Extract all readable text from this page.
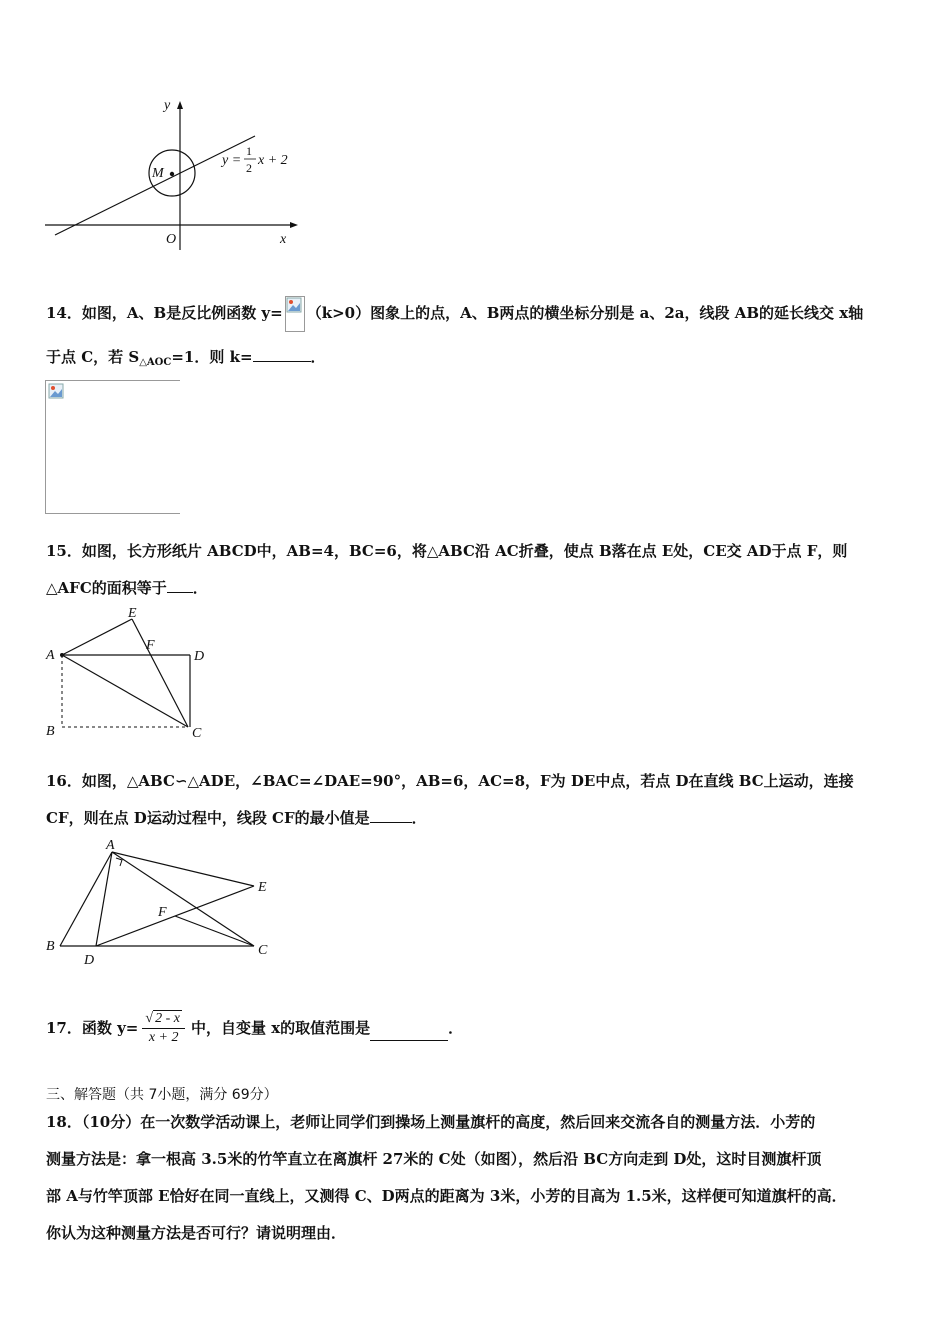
y
x
O
M
y =
1
2 x + 2
14．如图，A、B是反比例函数 y= （k>0）图象上的点，A、B两点的横坐标分别是 a、2a，线段 AB的延长线交 x轴
于点 C，若 $S_{\triangle AOC}=1$．则 k=	．
15．如图，长方形纸片 ABCD中，AB=4，BC=6，将△ABC沿 AC折叠，使点 B落在点 E处，CE交 AD于点 F，则
△AFC的面积等于 ．
A
B	C
D
E
F
16．如图，△ABC∽△ADE，∠BAC=∠DAE=90°，AB=6，AC=8，F为 DE中点，若点 D在直线 BC上运动，连接
CF，则在点 D运动过程中，线段 CF的最小值是	．
A
B	C
D
E
F
17．函数 $y= \frac{√ 2 - x}{x + 2}$ 中，自变量 x的取值范围是	．
三、解答题（共 7小题，满分 69分）
18．（10分）在一次数学活动课上，老师让同学们到操场上测量旗杆的高度，然后回来交流各自的测量方法．小芳的
测量方法是：拿一根高 3.5米的竹竿直立在离旗杆 27米的 C处（如图），然后沿 BC方向走到 D处，这时目测旗杆顶
部 A与竹竿顶部 E恰好在同一直线上，又测得 C、D两点的距离为 3米，小芳的目高为 1.5米，这样便可知道旗杆的高．
你认为这种测量方法是否可行？请说明理由．
